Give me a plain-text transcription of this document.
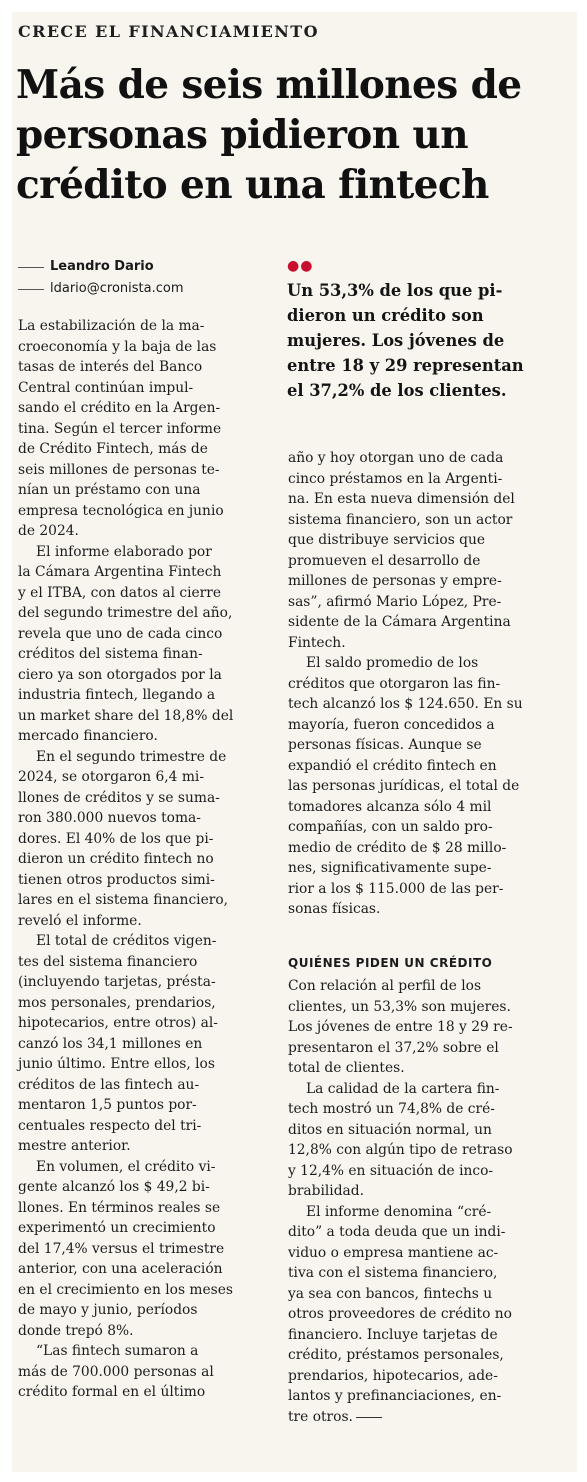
CRECE EL FINANCIAMIENTO
Más de seis millones de
personas pidieron un
crédito en una fintech
Leandro Dario
ldario@cronista.com
●●
Un 53,3% de los que pi-
dieron un crédito son
mujeres. Los jóvenes de
entre 18 y 29 representan
el 37,2% de los clientes.
La estabilización de la ma-
croeconomía y la baja de las
tasas de interés del Banco
Central continúan impul-
sando el crédito en la Argen-
tina. Según el tercer informe
de Crédito Fintech, más de
seis millones de personas te-
nían un préstamo con una
empresa tecnológica en junio
de 2024.
El informe elaborado por
la Cámara Argentina Fintech
y el ITBA, con datos al cierre
del segundo trimestre del año,
revela que uno de cada cinco
créditos del sistema finan-
ciero ya son otorgados por la
industria fintech, llegando a
un market share del 18,8% del
mercado financiero.
En el segundo trimestre de
2024, se otorgaron 6,4 mi-
llones de créditos y se suma-
ron 380.000 nuevos toma-
dores. El 40% de los que pi-
dieron un crédito fintech no
tienen otros productos simi-
lares en el sistema financiero,
reveló el informe.
El total de créditos vigen-
tes del sistema financiero
(incluyendo tarjetas, présta-
mos personales, prendarios,
hipotecarios, entre otros) al-
canzó los 34,1 millones en
junio último. Entre ellos, los
créditos de las fintech au-
mentaron 1,5 puntos por-
centuales respecto del tri-
mestre anterior.
En volumen, el crédito vi-
gente alcanzó los $ 49,2 bi-
llones. En términos reales se
experimentó un crecimiento
del 17,4% versus el trimestre
anterior, con una aceleración
en el crecimiento en los meses
de mayo y junio, períodos
donde trepó 8%.
“Las fintech sumaron a
más de 700.000 personas al
crédito formal en el último
año y hoy otorgan uno de cada
cinco préstamos en la Argenti-
na. En esta nueva dimensión del
sistema financiero, son un actor
que distribuye servicios que
promueven el desarrollo de
millones de personas y empre-
sas”, afirmó Mario López, Pre-
sidente de la Cámara Argentina
Fintech.
El saldo promedio de los
créditos que otorgaron las fin-
tech alcanzó los $ 124.650. En su
mayoría, fueron concedidos a
personas físicas. Aunque se
expandió el crédito fintech en
las personas jurídicas, el total de
tomadores alcanza sólo 4 mil
compañías, con un saldo pro-
medio de crédito de $ 28 millo-
nes, significativamente supe-
rior a los $ 115.000 de las per-
sonas físicas.
QUIÉNES PIDEN UN CRÉDITO
Con relación al perfil de los
clientes, un 53,3% son mujeres.
Los jóvenes de entre 18 y 29 re-
presentaron el 37,2% sobre el
total de clientes.
La calidad de la cartera fin-
tech mostró un 74,8% de cré-
ditos en situación normal, un
12,8% con algún tipo de retraso
y 12,4% en situación de inco-
brabilidad.
El informe denomina “cré-
dito” a toda deuda que un indi-
viduo o empresa mantiene ac-
tiva con el sistema financiero,
ya sea con bancos, fintechs u
otros proveedores de crédito no
financiero. Incluye tarjetas de
crédito, préstamos personales,
prendarios, hipotecarios, ade-
lantos y prefinanciaciones, en-
tre otros.
